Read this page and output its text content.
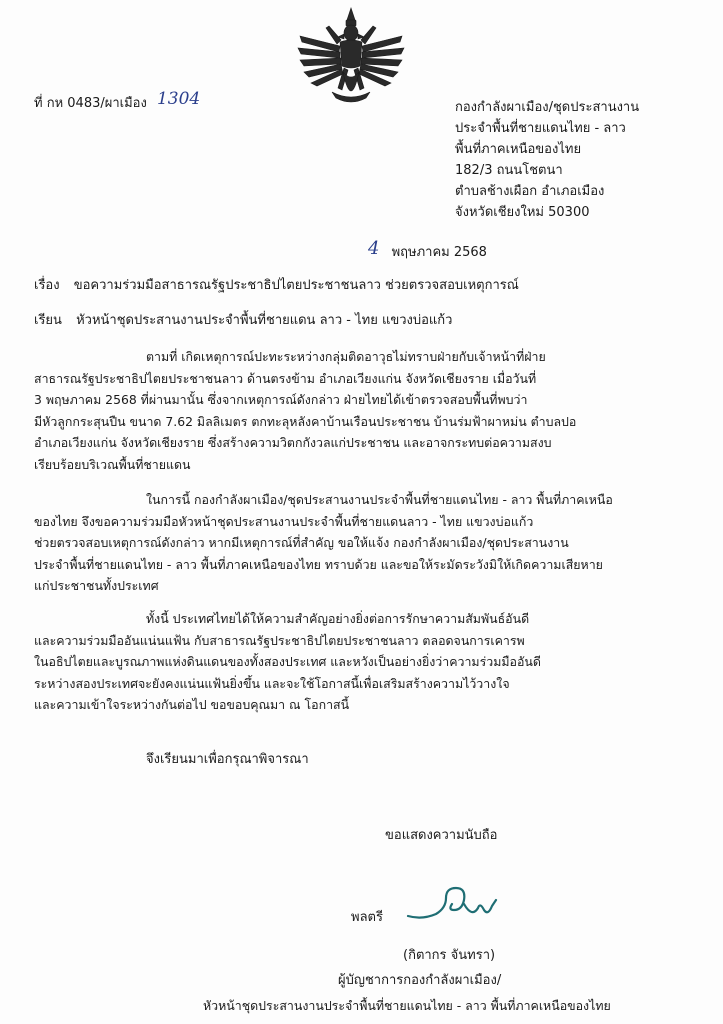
ที่ กห 0483/ผาเมือง 1304	กองกำลังผาเมือง/ชุดประสานงาน
ประจำพื้นที่ชายแดนไทย - ลาว
พื้นที่ภาคเหนือของไทย
182/3 ถนนโชตนา
ตำบลช้างเผือก อำเภอเมือง
จังหวัดเชียงใหม่ 50300
4 พฤษภาคม 2568
เรื่อง ขอความร่วมมือสาธารณรัฐประชาธิปไตยประชาชนลาว ช่วยตรวจสอบเหตุการณ์
เรียน หัวหน้าชุดประสานงานประจำพื้นที่ชายแดน ลาว - ไทย แขวงบ่อแก้ว
ตามที่ เกิดเหตุการณ์ปะทะระหว่างกลุ่มติดอาวุธไม่ทราบฝ่ายกับเจ้าหน้าที่ฝ่าย
สาธารณรัฐประชาธิปไตยประชาชนลาว ด้านตรงข้าม อำเภอเวียงแก่น จังหวัดเชียงราย เมื่อวันที่
3 พฤษภาคม 2568 ที่ผ่านมานั้น ซึ่งจากเหตุการณ์ดังกล่าว ฝ่ายไทยได้เข้าตรวจสอบพื้นที่พบว่า
มีหัวลูกกระสุนปืน ขนาด 7.62 มิลลิเมตร ตกทะลุหลังคาบ้านเรือนประชาชน บ้านร่มฟ้าผาหม่น ตำบลปอ
อำเภอเวียงแก่น จังหวัดเชียงราย ซึ่งสร้างความวิตกกังวลแก่ประชาชน และอาจกระทบต่อความสงบ
เรียบร้อยบริเวณพื้นที่ชายแดน
ในการนี้ กองกำลังผาเมือง/ชุดประสานงานประจำพื้นที่ชายแดนไทย - ลาว พื้นที่ภาคเหนือ
ของไทย จึงขอความร่วมมือหัวหน้าชุดประสานงานประจำพื้นที่ชายแดนลาว - ไทย แขวงบ่อแก้ว
ช่วยตรวจสอบเหตุการณ์ดังกล่าว หากมีเหตุการณ์ที่สำคัญ ขอให้แจ้ง กองกำลังผาเมือง/ชุดประสานงาน
ประจำพื้นที่ชายแดนไทย - ลาว พื้นที่ภาคเหนือของไทย ทราบด้วย และขอให้ระมัดระวังมิให้เกิดความเสียหาย
แก่ประชาชนทั้งประเทศ
ทั้งนี้ ประเทศไทยได้ให้ความสำคัญอย่างยิ่งต่อการรักษาความสัมพันธ์อันดี
และความร่วมมืออันแน่นแฟ้น กับสาธารณรัฐประชาธิปไตยประชาชนลาว ตลอดจนการเคารพ
ในอธิปไตยและบูรณภาพแห่งดินแดนของทั้งสองประเทศ และหวังเป็นอย่างยิ่งว่าความร่วมมืออันดี
ระหว่างสองประเทศจะยังคงแน่นแฟ้นยิ่งขึ้น และจะใช้โอกาสนี้เพื่อเสริมสร้างความไว้วางใจ
และความเข้าใจระหว่างกันต่อไป ขอขอบคุณมา ณ โอกาสนี้
จึงเรียนมาเพื่อกรุณาพิจารณา
ขอแสดงความนับถือ
พลตรี
(กิตากร จันทรา)
ผู้บัญชาการกองกำลังผาเมือง/
หัวหน้าชุดประสานงานประจำพื้นที่ชายแดนไทย - ลาว พื้นที่ภาคเหนือของไทย
